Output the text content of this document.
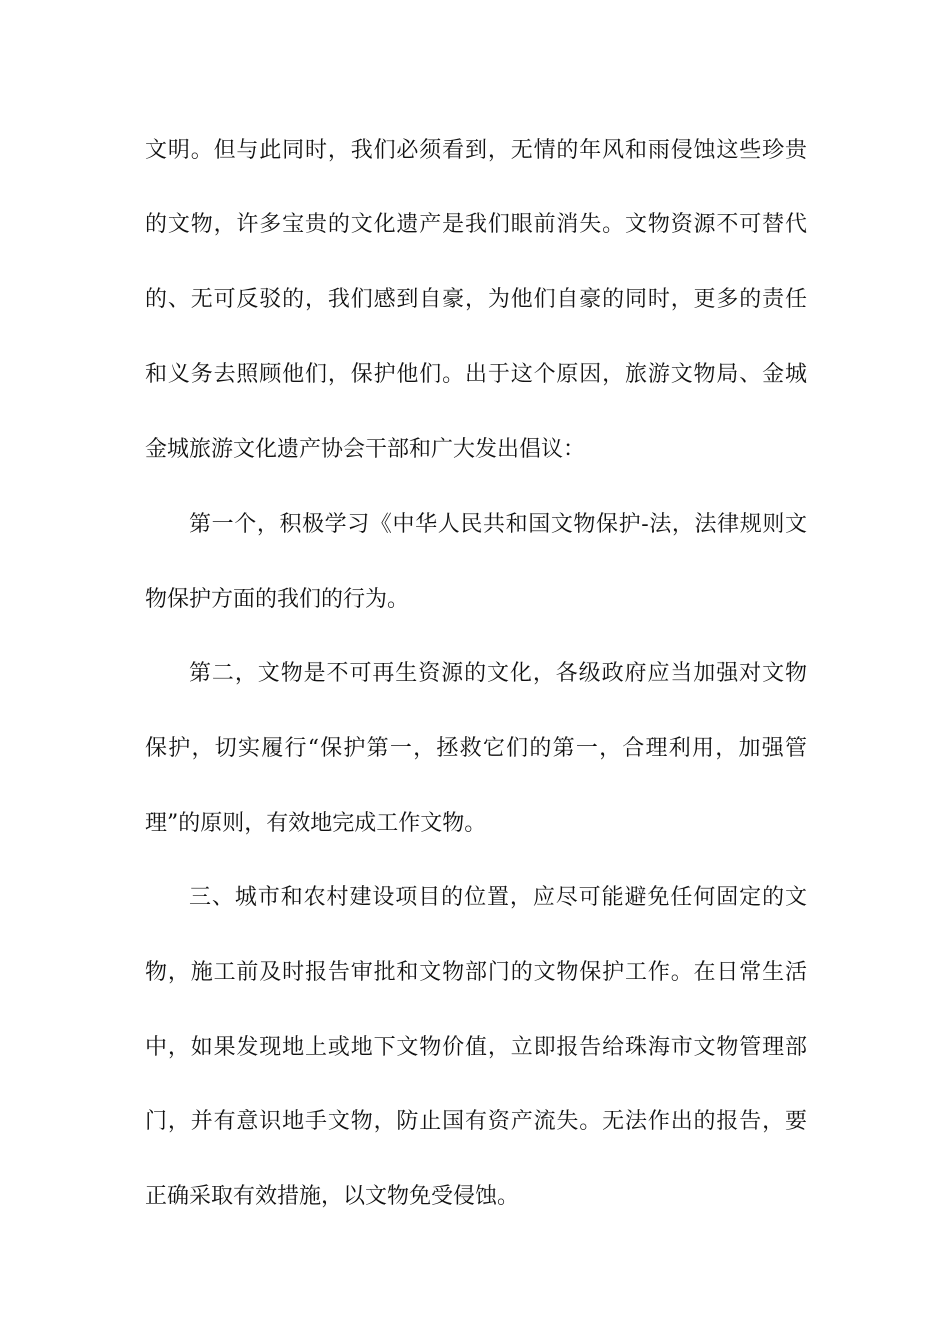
文明。但与此同时，我们必须看到，无情的年风和雨侵蚀这些珍贵
的文物，许多宝贵的文化遗产是我们眼前消失。文物资源不可替代
的、无可反驳的，我们感到自豪，为他们自豪的同时，更多的责任
和义务去照顾他们，保护他们。出于这个原因，旅游文物局、金城
金城旅游文化遗产协会干部和广大发出倡议：
第一个，积极学习《中华人民共和国文物保护-法，法律规则文
物保护方面的我们的行为。
第二，文物是不可再生资源的文化，各级政府应当加强对文物
保护，切实履行“保护第一，拯救它们的第一，合理利用，加强管
理”的原则，有效地完成工作文物。
三、城市和农村建设项目的位置，应尽可能避免任何固定的文
物，施工前及时报告审批和文物部门的文物保护工作。在日常生活
中，如果发现地上或地下文物价值，立即报告给珠海市文物管理部
门，并有意识地手文物，防止国有资产流失。无法作出的报告，要
正确采取有效措施，以文物免受侵蚀。
